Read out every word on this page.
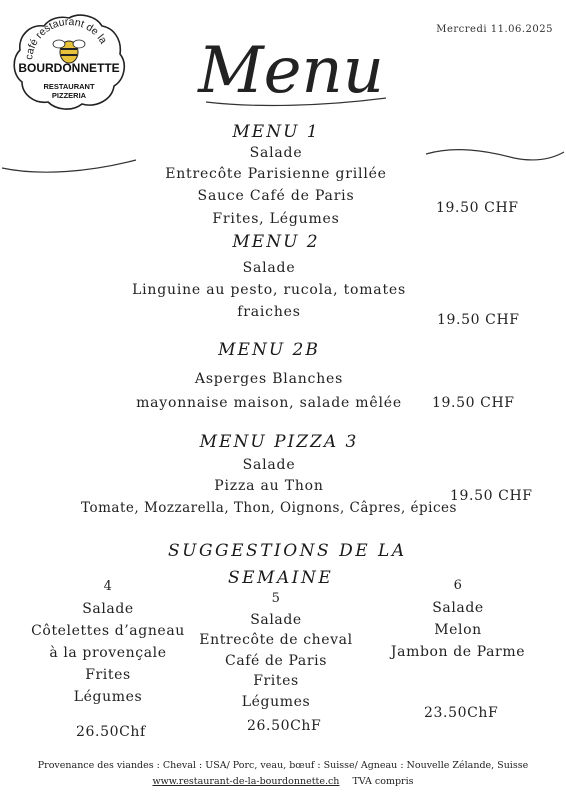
Mercredi 11.06.2025
café restaurant de la
BOURDONNETTE
RESTAURANT
PIZZERIA Menu
MENU 1
Salade
Entrecôte Parisienne grillée
Sauce Café de Paris
Frites, Légumes
19.50 CHF
MENU 2
Salade
Linguine au pesto, rucola, tomates
fraiches	19.50 CHF
MENU 2B
Asperges Blanches
mayonnaise maison, salade mêlée	19.50 CHF
MENU PIZZA 3
Salade
Pizza au Thon
Tomate, Mozzarella, Thon, Oignons, Câpres, épices
19.50 CHF
SUGGESTIONS DE LA
SEMAINE
4
Salade
Côtelettes d’agneau
à la provençale
Frites
Légumes
26.50Chf
5
Salade
Entrecôte de cheval
Café de Paris
Frites
Légumes
26.50ChF
6
Salade
Melon
Jambon de Parme
23.50ChF
Provenance des viandes : Cheval : USA/ Porc, veau, bœuf : Suisse/ Agneau : Nouvelle Zélande, Suisse
www.restaurant-de-la-bourdonnette.ch TVA compris
